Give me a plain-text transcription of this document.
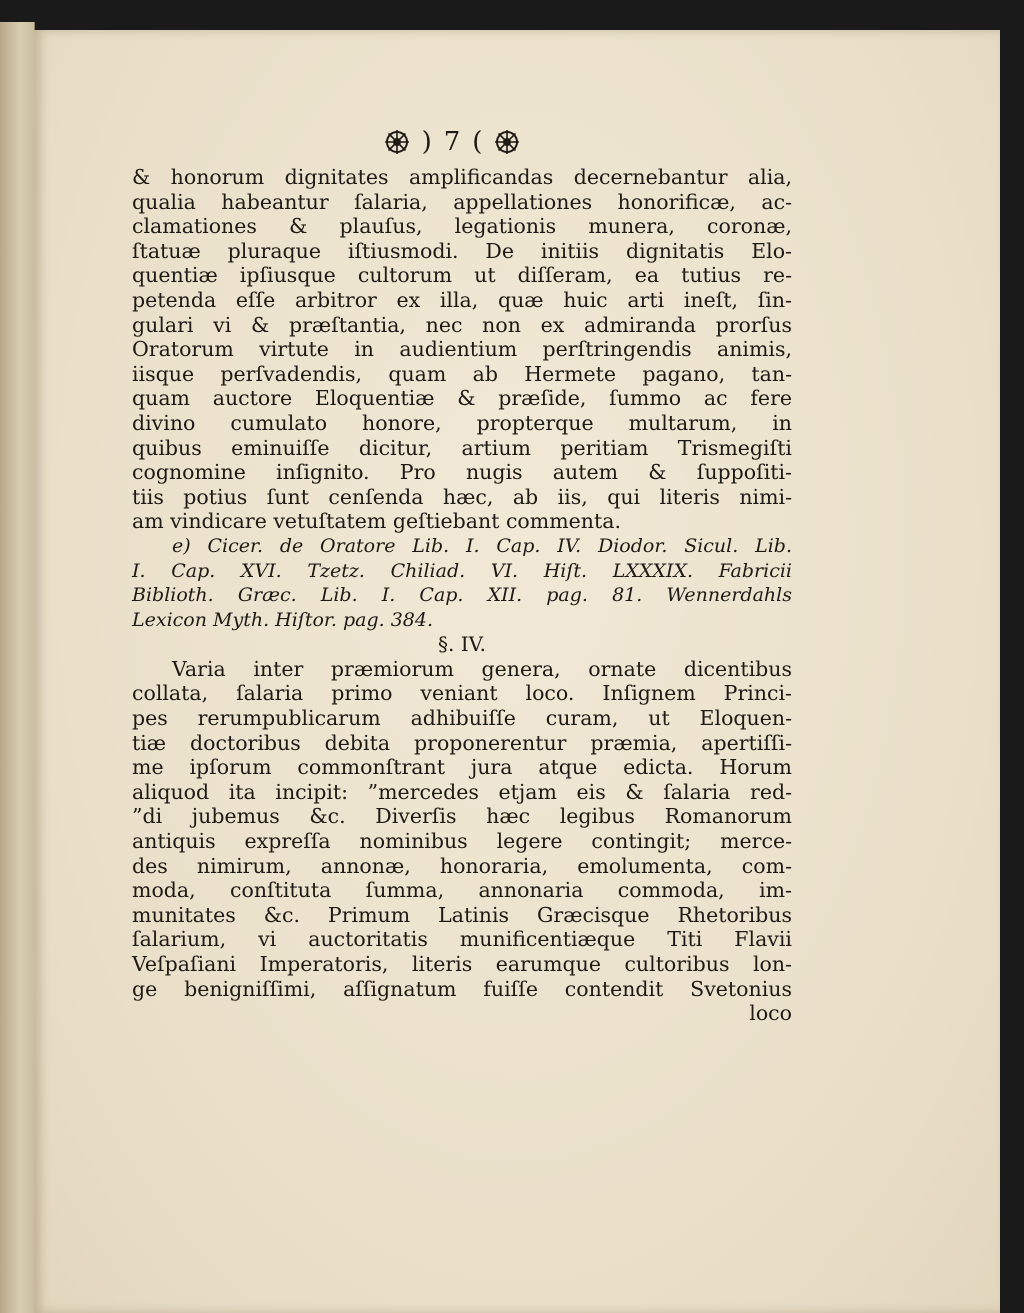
) 7 (
& honorum dignitates amplificandas decernebantur alia,
qualia habeantur ſalaria, appellationes honorificæ, ac-
clamationes & plauſus, legationis munera, coronæ,
ſtatuæ pluraque iſtiusmodi. De initiis dignitatis Elo-
quentiæ ipſiusque cultorum ut diſſeram, ea tutius re-
petenda eſſe arbitror ex illa, quæ huic arti ineſt, ſin-
gulari vi & præſtantia, nec non ex admiranda prorſus
Oratorum virtute in audientium perſtringendis animis,
iisque perſvadendis, quam ab Hermete pagano, tan-
quam auctore Eloquentiæ & præſide, ſummo ac fere
divino cumulato honore, propterque multarum, in
quibus eminuiſſe dicitur, artium peritiam Trismegiſti
cognomine inſignito. Pro nugis autem & ſuppoſiti-
tiis potius ſunt cenſenda hæc, ab iis, qui literis nimi-
am vindicare vetuſtatem geſtiebant commenta.
e) Cicer. de Oratore Lib. I. Cap. IV. Diodor. Sicul. Lib.
I. Cap. XVI. Tzetz. Chiliad. VI. Hiſt. LXXXIX. Fabricii
Biblioth. Græc. Lib. I. Cap. XII. pag. 81. Wennerdahls
Lexicon Myth. Hiſtor. pag. 384.
§. IV.
Varia inter præmiorum genera, ornate dicentibus
collata, ſalaria primo veniant loco. Inſignem Princi-
pes rerumpublicarum adhibuiſſe curam, ut Eloquen-
tiæ doctoribus debita proponerentur præmia, apertiſſi-
me ipſorum commonſtrant jura atque edicta. Horum
aliquod ita incipit: ”mercedes etjam eis & ſalaria red-
”di jubemus &c. Diverſis hæc legibus Romanorum
antiquis expreſſa nominibus legere contingit; merce-
des nimirum, annonæ, honoraria, emolumenta, com-
moda, conſtituta ſumma, annonaria commoda, im-
munitates &c. Primum Latinis Græcisque Rhetoribus
ſalarium, vi auctoritatis munificentiæque Titi Flavii
Veſpaſiani Imperatoris, literis earumque cultoribus lon-
ge benigniſſimi, aſſignatum fuiſſe contendit Svetonius
loco
